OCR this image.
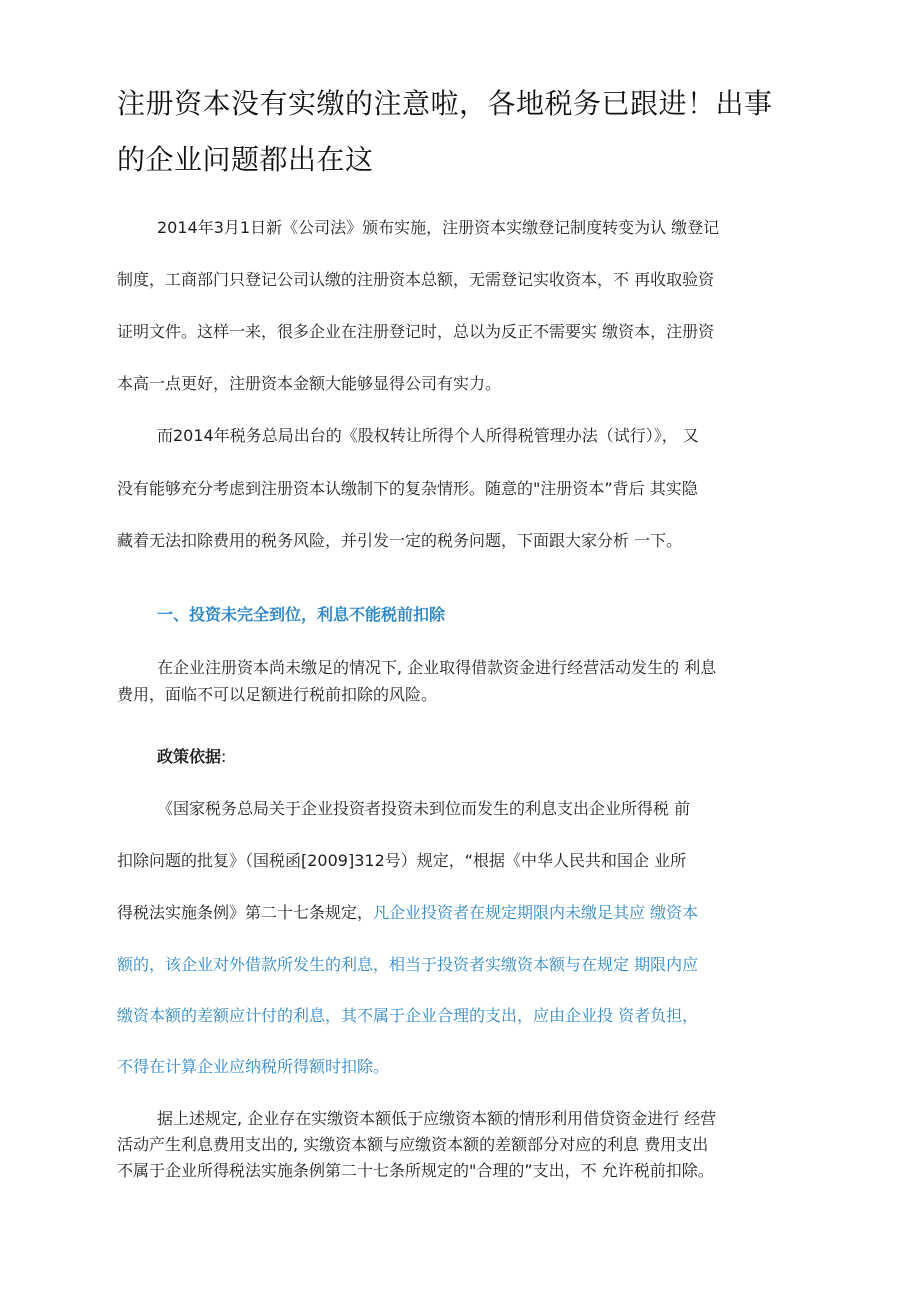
注册资本没有实缴的注意啦，各地税务已跟进！出事
的企业问题都出在这
2014年3月1日新《公司法》颁布实施，注册资本实缴登记制度转变为认 缴登记
制度，工商部门只登记公司认缴的注册资本总额，无需登记实收资本，不 再收取验资
证明文件。这样一来，很多企业在注册登记时，总以为反正不需要实 缴资本，注册资
本高一点更好，注册资本金额大能够显得公司有实力。
而2014年税务总局出台的《股权转让所得个人所得税管理办法（试行）》， 又
没有能够充分考虑到注册资本认缴制下的复杂情形。随意的"注册资本”背后 其实隐
藏着无法扣除费用的税务风险，并引发一定的税务问题，下面跟大家分析 一下。
一、投资未完全到位，利息不能税前扣除
在企业注册资本尚未缴足的情况下, 企业取得借款资金进行经营活动发生的 利息
费用，面临不可以足额进行税前扣除的风险。
政策依据:
《国家税务总局关于企业投资者投资未到位而发生的利息支出企业所得税 前
扣除问题的批复》（国税函[2009]312号）规定，“根据《中华人民共和国企 业所
得税法实施条例》第二十七条规定，凡企业投资者在规定期限内未缴足其应 缴资本
额的，该企业对外借款所发生的利息，相当于投资者实缴资本额与在规定 期限内应
缴资本额的差额应计付的利息，其不属于企业合理的支出，应由企业投 资者负担，
不得在计算企业应纳税所得额时扣除。
据上述规定, 企业存在实缴资本额低于应缴资本额的情形利用借贷资金进行 经营
活动产生利息费用支出的, 实缴资本额与应缴资本额的差额部分对应的利息 费用支出
不属于企业所得税法实施条例第二十七条所规定的"合理的”支出，不 允许税前扣除。
